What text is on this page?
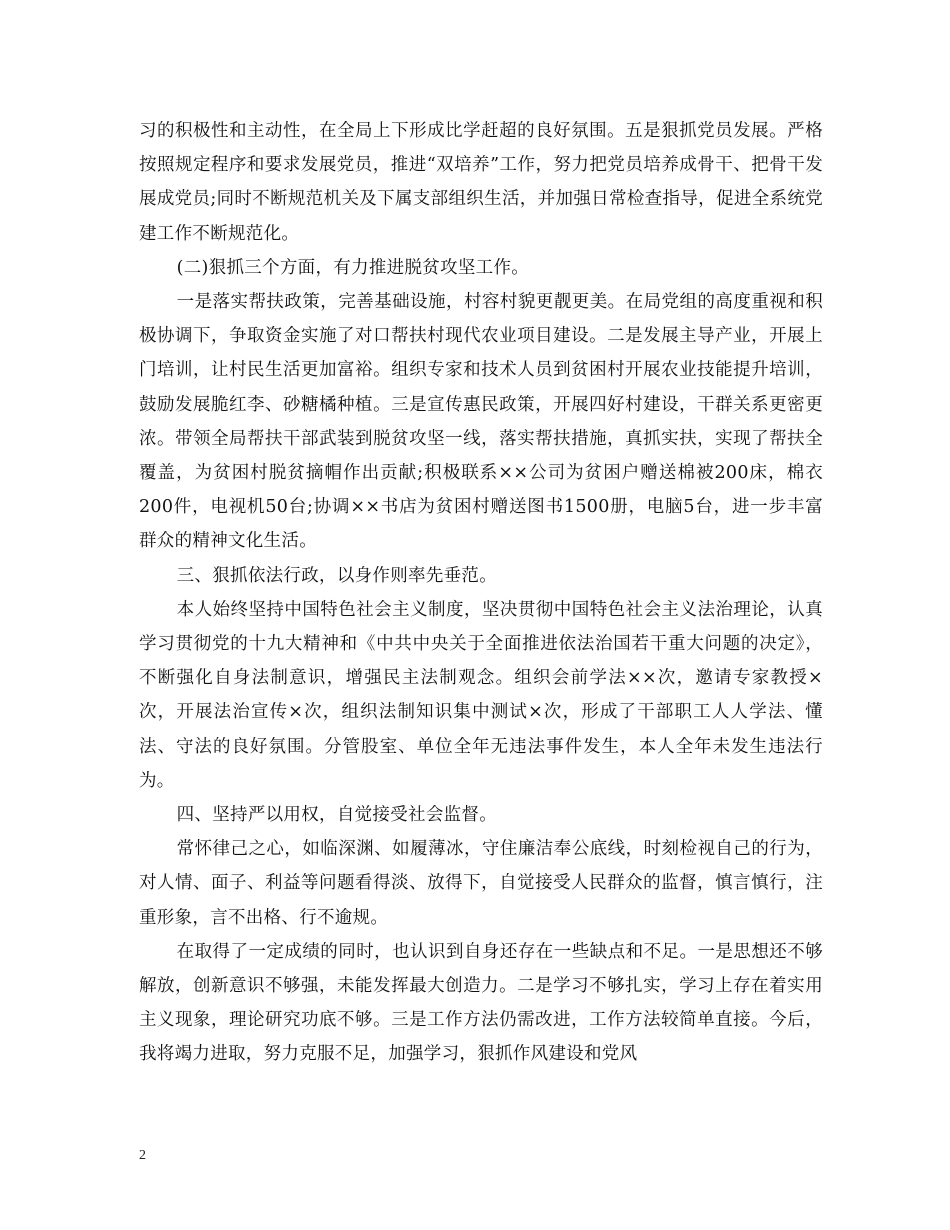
习的积极性和主动性，在全局上下形成比学赶超的良好氛围。五是狠抓党员发展。严格按照规定程序和要求发展党员，推进“双培养”工作，努力把党员培养成骨干、把骨干发展成党员;同时不断规范机关及下属支部组织生活，并加强日常检查指导，促进全系统党建工作不断规范化。

(二)狠抓三个方面，有力推进脱贫攻坚工作。

一是落实帮扶政策，完善基础设施，村容村貌更靓更美。在局党组的高度重视和积极协调下，争取资金实施了对口帮扶村现代农业项目建设。二是发展主导产业，开展上门培训，让村民生活更加富裕。组织专家和技术人员到贫困村开展农业技能提升培训，鼓励发展脆红李、砂糖橘种植。三是宣传惠民政策，开展四好村建设，干群关系更密更浓。带领全局帮扶干部武装到脱贫攻坚一线，落实帮扶措施，真抓实扶，实现了帮扶全覆盖，为贫困村脱贫摘帽作出贡献;积极联系××公司为贫困户赠送棉被200床，棉衣200件，电视机50台;协调××书店为贫困村赠送图书1500册，电脑5台，进一步丰富群众的精神文化生活。

三、狠抓依法行政，以身作则率先垂范。

本人始终坚持中国特色社会主义制度，坚决贯彻中国特色社会主义法治理论，认真学习贯彻党的十九大精神和《中共中央关于全面推进依法治国若干重大问题的决定》，不断强化自身法制意识，增强民主法制观念。组织会前学法××次，邀请专家教授×次，开展法治宣传×次，组织法制知识集中测试×次，形成了干部职工人人学法、懂法、守法的良好氛围。分管股室、单位全年无违法事件发生，本人全年未发生违法行为。

四、坚持严以用权，自觉接受社会监督。

常怀律己之心，如临深渊、如履薄冰，守住廉洁奉公底线，时刻检视自己的行为，对人情、面子、利益等问题看得淡、放得下，自觉接受人民群众的监督，慎言慎行，注重形象，言不出格、行不逾规。

在取得了一定成绩的同时，也认识到自身还存在一些缺点和不足。一是思想还不够解放，创新意识不够强，未能发挥最大创造力。二是学习不够扎实，学习上存在着实用主义现象，理论研究功底不够。三是工作方法仍需改进，工作方法较简单直接。今后，我将竭力进取，努力克服不足，加强学习，狠抓作风建设和党风

2
